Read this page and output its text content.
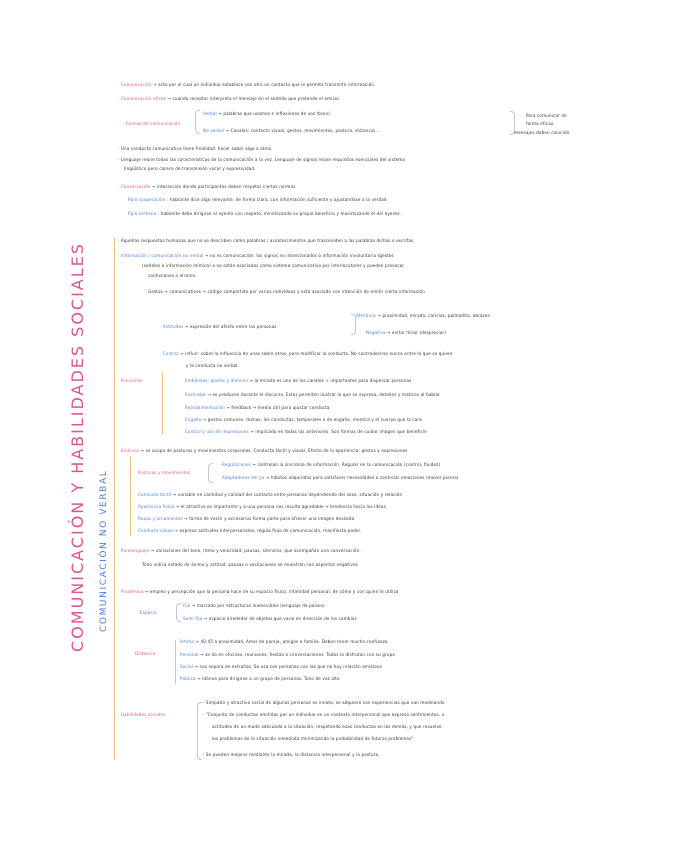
COMUNICACIÓN Y HABILIDADES SOCIALES COMUNICACIÓN NO VERBAL
· Comunicación → acto por el cual un individuo establece con otro un contacto que le permite transmitir información.
· Comunicación eficaz → cuando receptor interpreta el mensaje en el sentido que pretende el emisor.
Verbal → palabras que usamos e inflexiones de voz (tono)
· Formas de comunicación
No verbal → Canales: contacto visual, gestos, movimientos, postura, distancia ...
Para comunicar de
forma eficaz,
mensajes deben coincidir
· Una conducta comunicativa tiene finalidad: hacer saber algo a otros.
· Lenguaje reúne todas las características de la comunicación a la vez. Lenguaje de signos reúne requisitos esenciales del sistema
lingüístico pero carece de transmisión vocal y expresividad.
· Conversación → interacción donde participantes deben respetar ciertas normas
Ppio cooperación : hablante dice algo relevante, de forma clara, con información suficiente y ajustándose a la verdad
Ppio cortesía : hablante debe dirigirse al oyente con respeto, minimizando su propio beneficio y maximizando el del oyente.
· Aquellas respuestas humanas que no se describen como palabras / acontecimientos que trascienden a las palabras dichas o escritas
· Información / comunicación no verbal → no es comunicación: los signos no intencionados o información involuntaria (gestos
(señales o información mímica) o no están asociados como sistema comunicativo por interlocutores y pueden provocar
confusiones o errores.
Gestos → comunicativos → código compartido por varios individuos y está asociado con intención de emitir cierta información
Afectivos → proximidad, mirada, caricias, palmadita, abrazos
· Actitudes → expresión del afecto entre las personas
Negativa → evitar mirar (despreciar)
· Control → influir: sobre la influencia de unas sobre otros, para modificar la conducta. No contradecirse nunca entre lo que se quiere
y la conducta no verbal.
· Funciones	Emblemas: gestos y dominio → la mirada es uno de los canales + importantes para dispersar personas
Ilustrador → se producen durante el discurso. Estos permiten ilustrar lo que se expresa, detalles y matices al hablar
Retroalimentación → feedback → medio útil para ajustar conducta
Engaño → gestos comunes: manos, los conductas, temporales o de engaño, mentira y el cuerpo que la cara
Control y uso de impresiones → implicado en todas las anteriores. Son formas de cuidar imagen que beneficie
· Kinésica → se ocupa de posturas y movimientos corporales. Conducta táctil y visual. Efecto de la apariencia: gestos y expresiones
Regulaciones → controlan la sincronía de información. Regular en la comunicación (control, fluidez)
Posturas y movimientos
Adaptadores del yo → hábitos adquiridos para satisfacer necesidades o controlar emociones (mover pierna)
Conducta táctil → variable en cantidad y calidad del contacto entre personas dependiendo del sexo, situación y relación
Apariencia física → el atractivo es importante y a una persona nos resulta agradable → tendencia hacia los ideas
Ropas y ornamentos → forma de vestir y accesorios forma parte para ofrecer una imagen deseada
Conducta visual → expresa actitudes interpersonales, regula flujo de comunicación, manifiesta poder.
· Paralenguaje → variaciones del tono, ritmo y velocidad; pausas, silencios, que acompañan una conversación.
Tono indica estado de ánimo y actitud; pausas o vacilaciones se muestran con aspectos negativos
· Proxémica → empleo y percepción que la persona hace de su espacio físico, intimidad personal, de cómo y con quien lo utiliza
Fijo → marcado por estructuras inamovibles (lenguaje de países)
Espacio
Semi-fijo → espacio alrededor de objetos que varía en dirección de los cambios
Íntima → 40-45 a proximidad, Amor de pareja, amigos o familia. Deben tener mucha confianza
Distancia	Personal → se da en oficinas, reuniones, fiestas o conversaciones. Todos lo disfrutan con su grupo
Social → nos separa de extraños. Se usa con personas con las que no hay relación amistosa
Pública → idónea para dirigirse a un grupo de personas. Tono de voz alto
· Simpatía y atractivo social de algunas personas es innato; se adquiere con experiencias que van modelando
· Habilidades sociales	· "Conjunto de conductas emitidas por un individuo en un contexto interpersonal que expresa sentimientos, o
actitudes de un modo adecuado a la situación, respetando esas conductas en los demás, y que resuelve
los problemas de la situación inmediata minimizando la probabilidad de futuros problemas"
· Se pueden mejorar mediante la mirada, la distancia interpersonal y la postura.
